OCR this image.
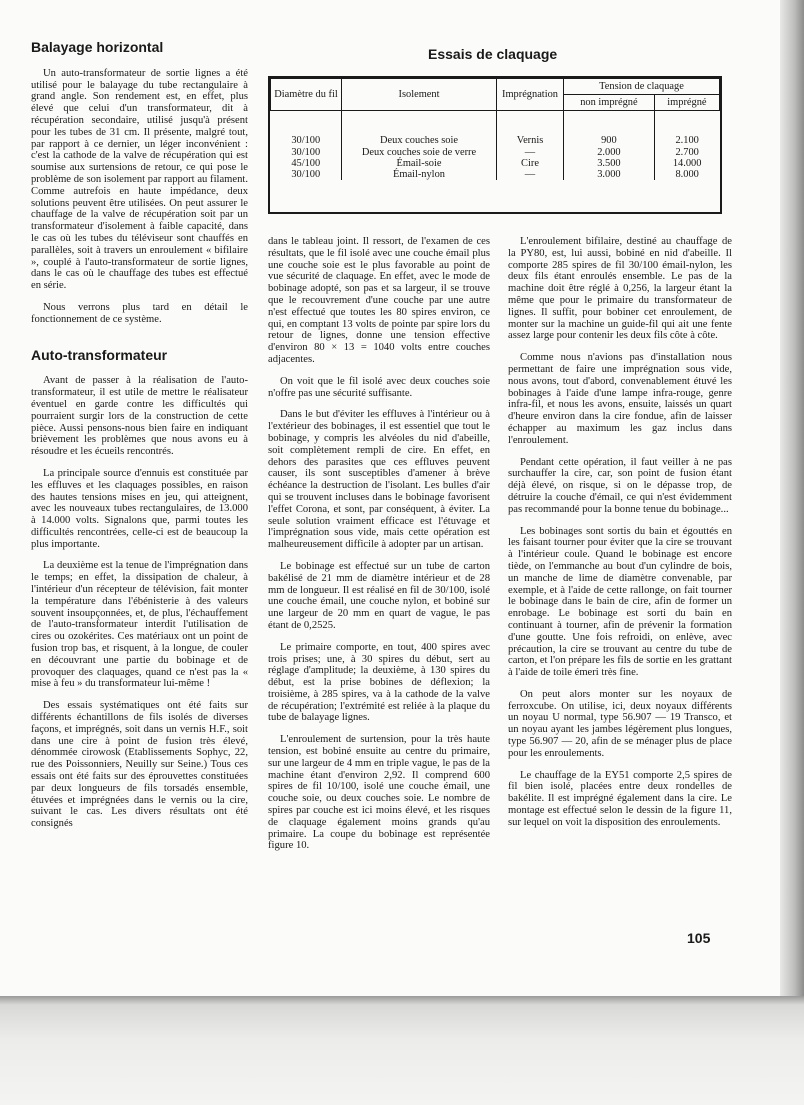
Balayage horizontal

Un auto-transformateur de sortie lignes a été utilisé pour le balayage du tube rectangulaire à grand angle. Son rendement est, en effet, plus élevé que celui d'un transformateur, dit à récupération secondaire, utilisé jusqu'à présent pour les tubes de 31 cm. Il présente, malgré tout, par rapport à ce dernier, un léger inconvénient : c'est la cathode de la valve de récupération qui est soumise aux surtensions de retour, ce qui pose le problème de son isolement par rapport au filament. Comme autrefois en haute impédance, deux solutions peuvent être utilisées. On peut assurer le chauffage de la valve de récupération soit par un transformateur d'isolement à faible capacité, dans le cas où les tubes du téléviseur sont chauffés en parallèles, soit à travers un enroulement « bifilaire », couplé à l'auto-transformateur de sortie lignes, dans le cas où le chauffage des tubes est effectué en série.

Nous verrons plus tard en détail le fonctionnement de ce système.

Auto-transformateur

Avant de passer à la réalisation de l'auto-transformateur, il est utile de mettre le réalisateur éventuel en garde contre les difficultés qui pourraient surgir lors de la construction de cette pièce. Aussi pensons-nous bien faire en indiquant brièvement les problèmes que nous avons eu à résoudre et les écueils rencontrés.

La principale source d'ennuis est constituée par les effluves et les claquages possibles, en raison des hautes tensions mises en jeu, qui atteignent, avec les nouveaux tubes rectangulaires, de 13.000 à 14.000 volts. Signalons que, parmi toutes les difficultés rencontrées, celle-ci est de beaucoup la plus importante.

La deuxième est la tenue de l'imprégnation dans le temps; en effet, la dissipation de chaleur, à l'intérieur d'un récepteur de télévision, fait monter la température dans l'ébénisterie à des valeurs souvent insoupçonnées, et, de plus, l'échauffement de l'auto-transformateur interdit l'utilisation de cires ou ozokérites. Ces matériaux ont un point de fusion trop bas, et risquent, à la longue, de couler en découvrant une partie du bobinage et de provoquer des claquages, quand ce n'est pas la « mise à feu » du transformateur lui-même !

Des essais systématiques ont été faits sur différents échantillons de fils isolés de diverses façons, et imprégnés, soit dans un vernis H.F., soit dans une cire à point de fusion très élevé, dénommée cirowosk (Etablissements Sophyc, 22, rue des Poissonniers, Neuilly sur Seine.) Tous ces essais ont été faits sur des éprouvettes constituées par deux longueurs de fils torsadés ensemble, étuvées et imprégnées dans le vernis ou la cire, suivant le cas. Les divers résultats ont été consignés

Essais de claquage
Diamètre du fil	Isolement	Imprégnation	Tension de claquage	
			non imprégné	imprégné
30/100	Deux couches soie	Vernis	900	2.100
30/100	Deux couches soie de verre	—	2.000	2.700
45/100	Émail-soie	Cire	3.500	14.000
30/100	Émail-nylon	—	3.000	8.000

dans le tableau joint. Il ressort, de l'examen de ces résultats, que le fil isolé avec une couche émail plus une couche soie est le plus favorable au point de vue sécurité de claquage. En effet, avec le mode de bobinage adopté, son pas et sa largeur, il se trouve que le recouvrement d'une couche par une autre n'est effectué que toutes les 80 spires environ, ce qui, en comptant 13 volts de pointe par spire lors du retour de lignes, donne une tension effective d'environ 80 × 13 = 1040 volts entre couches adjacentes.

On voit que le fil isolé avec deux couches soie n'offre pas une sécurité suffisante.

Dans le but d'éviter les effluves à l'intérieur ou à l'extérieur des bobinages, il est essentiel que tout le bobinage, y compris les alvéoles du nid d'abeille, soit complètement rempli de cire. En effet, en dehors des parasites que ces effluves peuvent causer, ils sont susceptibles d'amener à brève échéance la destruction de l'isolant. Les bulles d'air qui se trouvent incluses dans le bobinage favorisent l'effet Corona, et sont, par conséquent, à éviter. La seule solution vraiment efficace est l'étuvage et l'imprégnation sous vide, mais cette opération est malheureusement difficile à adopter par un artisan.

Le bobinage est effectué sur un tube de carton bakélisé de 21 mm de diamètre intérieur et de 28 mm de longueur. Il est réalisé en fil de 30/100, isolé une couche émail, une couche nylon, et bobiné sur une largeur de 20 mm en quart de vague, le pas étant de 0,2525.

Le primaire comporte, en tout, 400 spires avec trois prises; une, à 30 spires du début, sert au réglage d'amplitude; la deuxième, à 130 spires du début, est la prise bobines de déflexion; la troisième, à 285 spires, va à la cathode de la valve de récupération; l'extrémité est reliée à la plaque du tube de balayage lignes.

L'enroulement de surtension, pour la très haute tension, est bobiné ensuite au centre du primaire, sur une largeur de 4 mm en triple vague, le pas de la machine étant d'environ 2,92. Il comprend 600 spires de fil 10/100, isolé une couche émail, une couche soie, ou deux couches soie. Le nombre de spires par couche est ici moins élevé, et les risques de claquage également moins grands qu'au primaire. La coupe du bobinage est représentée figure 10.

L'enroulement bifilaire, destiné au chauffage de la PY80, est, lui aussi, bobiné en nid d'abeille. Il comporte 285 spires de fil 30/100 émail-nylon, les deux fils étant enroulés ensemble. Le pas de la machine doit être réglé à 0,256, la largeur étant la même que pour le primaire du transformateur de lignes. Il suffit, pour bobiner cet enroulement, de monter sur la machine un guide-fil qui ait une fente assez large pour contenir les deux fils côte à côte.

Comme nous n'avions pas d'installation nous permettant de faire une imprégnation sous vide, nous avons, tout d'abord, convenablement étuvé les bobinages à l'aide d'une lampe infra-rouge, genre infra-fil, et nous les avons, ensuite, laissés un quart d'heure environ dans la cire fondue, afin de laisser échapper au maximum les gaz inclus dans l'enroulement.

Pendant cette opération, il faut veiller à ne pas surchauffer la cire, car, son point de fusion étant déjà élevé, on risque, si on le dépasse trop, de détruire la couche d'émail, ce qui n'est évidemment pas recommandé pour la bonne tenue du bobinage...

Les bobinages sont sortis du bain et égouttés en les faisant tourner pour éviter que la cire se trouvant à l'intérieur coule. Quand le bobinage est encore tiède, on l'emmanche au bout d'un cylindre de bois, un manche de lime de diamètre convenable, par exemple, et à l'aide de cette rallonge, on fait tourner le bobinage dans le bain de cire, afin de former un enrobage. Le bobinage est sorti du bain en continuant à tourner, afin de prévenir la formation d'une goutte. Une fois refroidi, on enlève, avec précaution, la cire se trouvant au centre du tube de carton, et l'on prépare les fils de sortie en les grattant à l'aide de toile émeri très fine.

On peut alors monter sur les noyaux de ferroxcube. On utilise, ici, deux noyaux différents un noyau U normal, type 56.907 — 19 Transco, et un noyau ayant les jambes légèrement plus longues, type 56.907 — 20, afin de se ménager plus de place pour les enroulements.

Le chauffage de la EY51 comporte 2,5 spires de fil bien isolé, placées entre deux rondelles de bakélite. Il est imprégné également dans la cire. Le montage est effectué selon le dessin de la figure 11, sur lequel on voit la disposition des enroulements.

105
